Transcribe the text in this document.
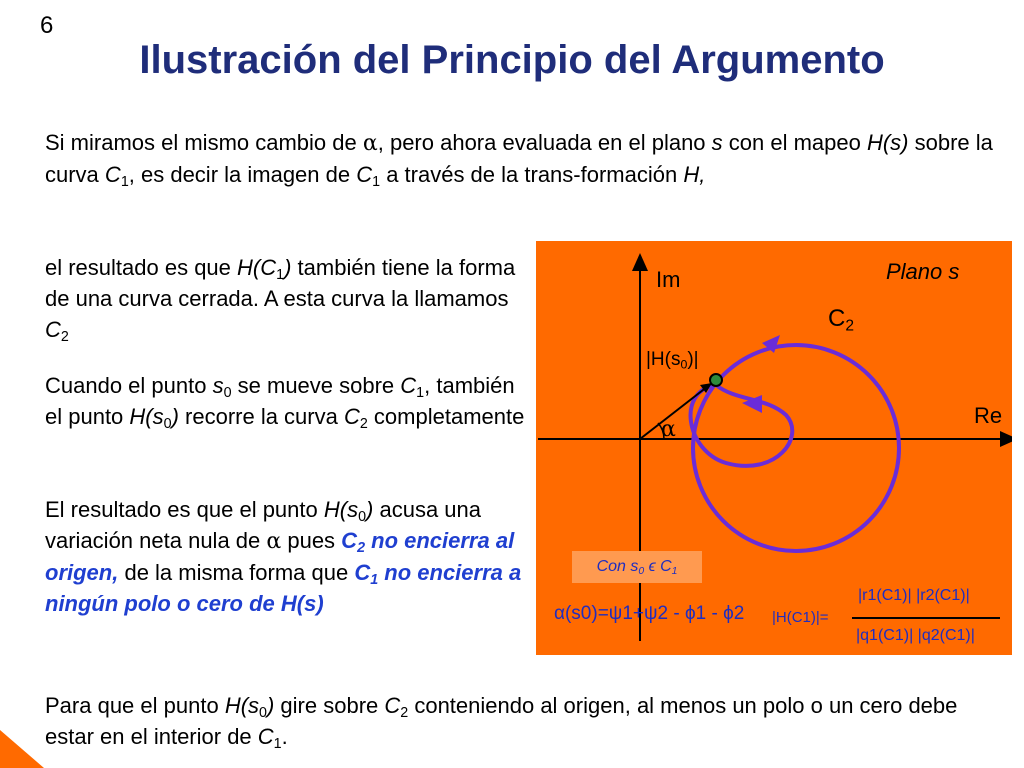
6
Ilustración del Principio del Argumento
Si miramos el mismo cambio de α, pero ahora evaluada en el plano s con el mapeo H(s) sobre la curva $C_1$, es decir la imagen de $C_1$ a través de la trans-formación H,
el resultado es que $H(C_1)$ también tiene la forma de una curva cerrada. A esta curva la llamamos $C_2$
Cuando el punto $s_0$ se mueve sobre $C_1$, también el punto $H(s_0)$ recorre la curva $C_2$ completamente
El resultado es que el punto $H(s_0)$ acusa una variación neta nula de α pues $C_2$ no encierra al origen, de la misma forma que $C_1$ no encierra a ningún polo o cero de H(s)
Para que el punto $H(s_0)$ gire sobre $C_2$ conteniendo al origen, al menos un polo o un cero debe estar en el interior de $C_1$.
Im	Plano s
Re
$C_2$
$|H(s_0)|$
α
Con $s_0$ ϵ $C_1$
α(s0)=ψ1+ψ2 - ϕ1 - ϕ2 |H(C1)|=
|r1(C1)| |r2(C1)|
|q1(C1)| |q2(C1)|
